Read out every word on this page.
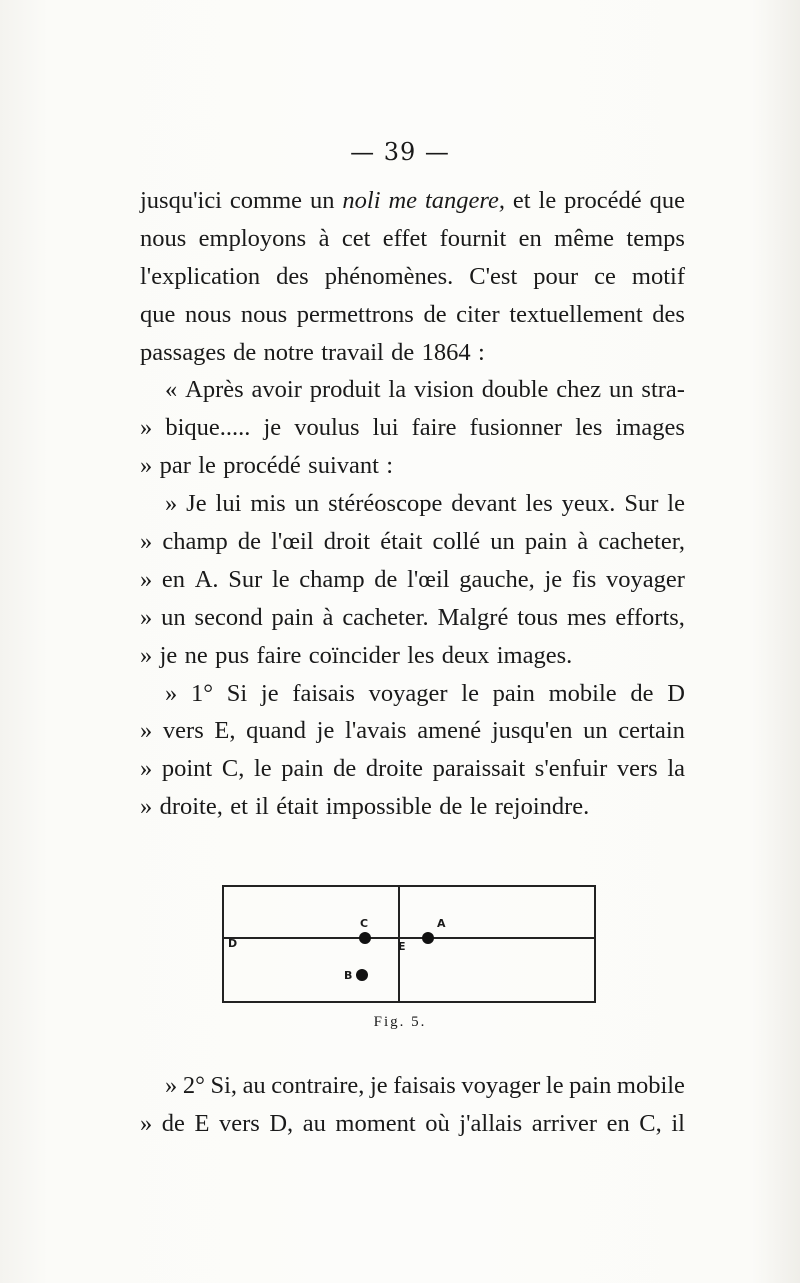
— 39 —
jusqu'ici comme un noli me tangere, et le procédé que
nous employons à cet effet fournit en même temps
l'explication des phénomènes. C'est pour ce motif
que nous nous permettrons de citer textuellement des
passages de notre travail de 1864 :
« Après avoir produit la vision double chez un stra-
» bique..... je voulus lui faire fusionner les images
» par le procédé suivant :
» Je lui mis un stéréoscope devant les yeux. Sur le
» champ de l'œil droit était collé un pain à cacheter,
» en A. Sur le champ de l'œil gauche, je fis voyager
» un second pain à cacheter. Malgré tous mes efforts,
» je ne pus faire coïncider les deux images.
» 1° Si je faisais voyager le pain mobile de D
» vers E, quand je l'avais amené jusqu'en un certain
» point C, le pain de droite paraissait s'enfuir vers la
» droite, et il était impossible de le rejoindre.
C	A
D	E
B
Fig. 5.
» 2° Si, au contraire, je faisais voyager le pain mobile
» de E vers D, au moment où j'allais arriver en C, il
